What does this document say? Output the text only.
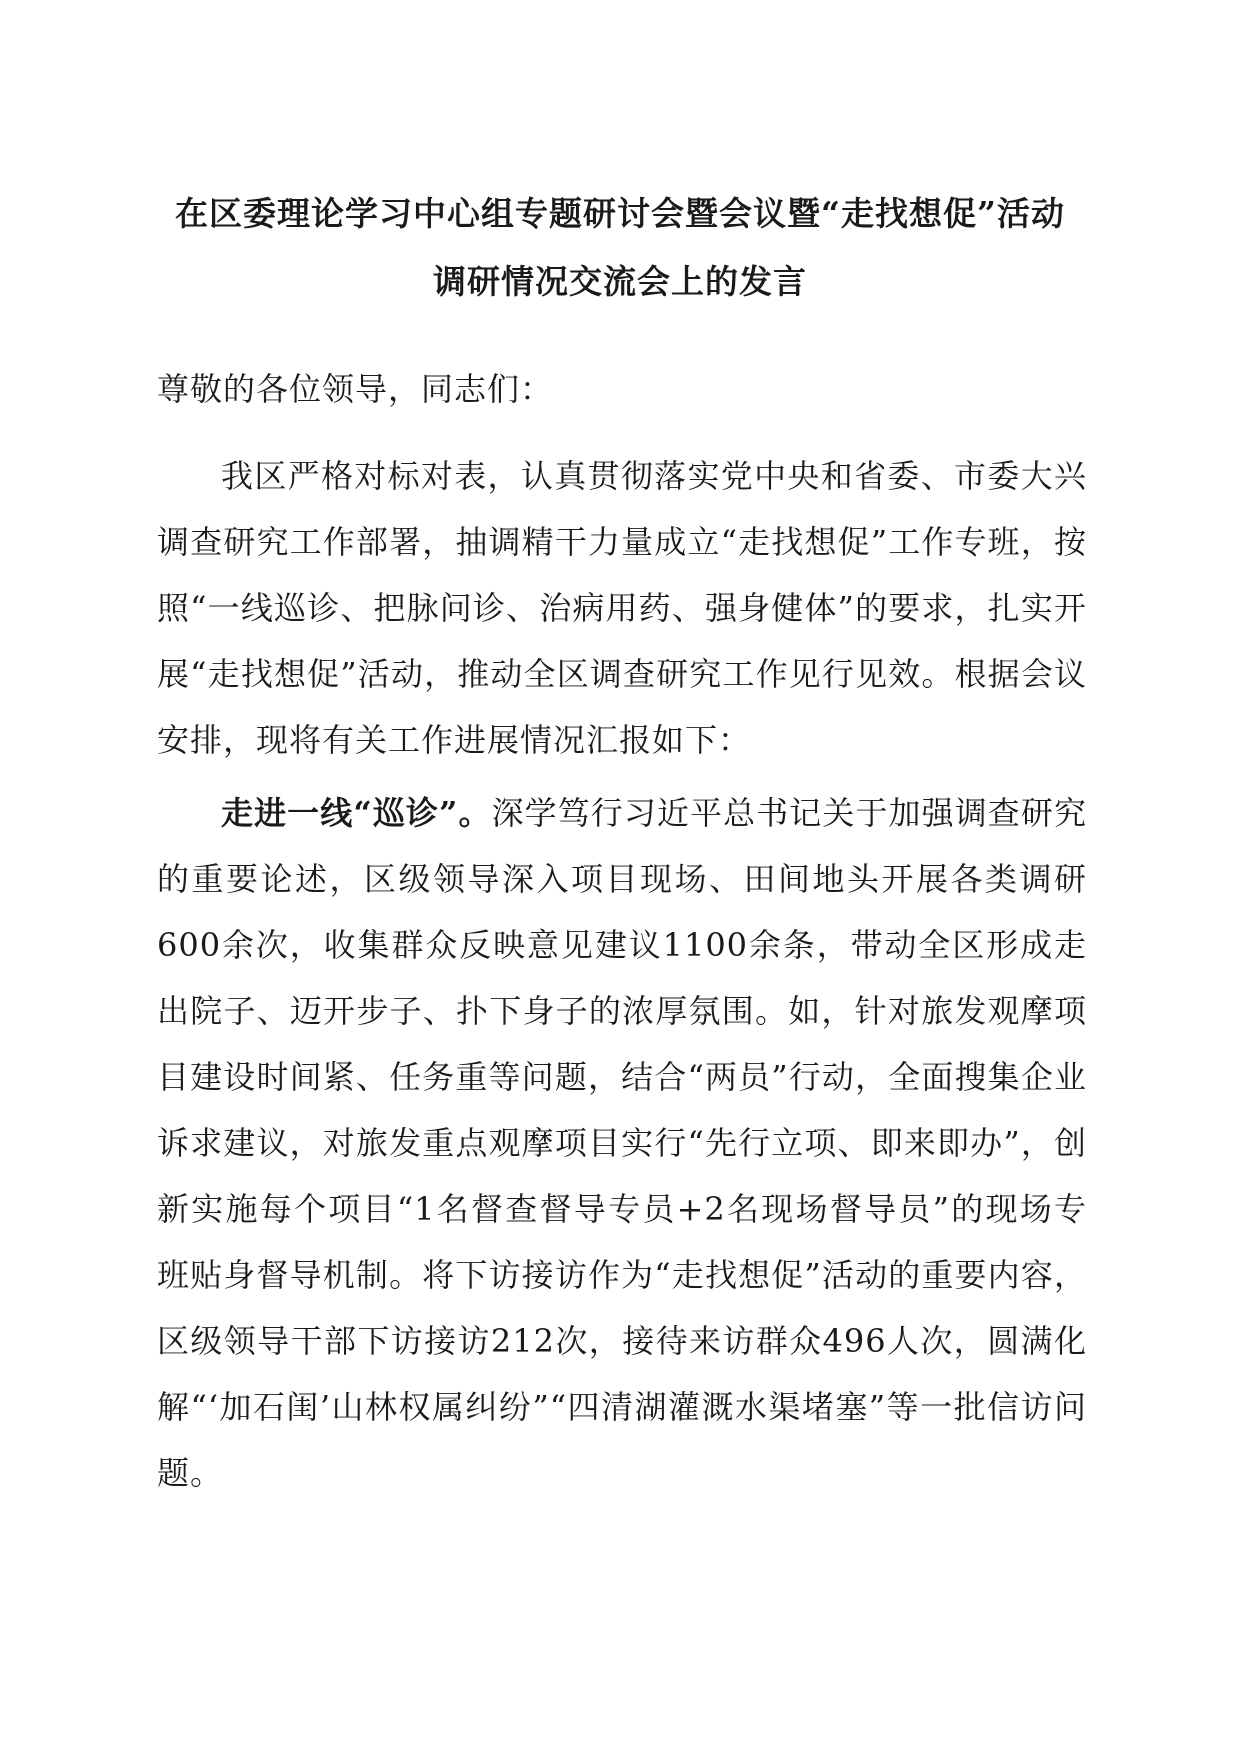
在区委理论学习中心组专题研讨会暨会议暨“走找想促”活动
调研情况交流会上的发言
尊敬的各位领导，同志们：
我区严格对标对表，认真贯彻落实党中央和省委、市委大兴调查研究工作部署，抽调精干力量成立“走找想促”工作专班，按照“一线巡诊、把脉问诊、治病用药、强身健体”的要求，扎实开展“走找想促”活动，推动全区调查研究工作见行见效。根据会议安排，现将有关工作进展情况汇报如下：
走进一线“巡诊”。深学笃行习近平总书记关于加强调查研究的重要论述，区级领导深入项目现场、田间地头开展各类调研600余次，收集群众反映意见建议1100余条，带动全区形成走出院子、迈开步子、扑下身子的浓厚氛围。如，针对旅发观摩项目建设时间紧、任务重等问题，结合“两员”行动，全面搜集企业诉求建议，对旅发重点观摩项目实行“先行立项、即来即办”，创新实施每个项目“1名督查督导专员+2名现场督导员”的现场专班贴身督导机制。将下访接访作为“走找想促”活动的重要内容，区级领导干部下访接访212次，接待来访群众496人次，圆满化解“‘加石闺’山林权属纠纷”“四清湖灌溉水渠堵塞”等一批信访问题。
